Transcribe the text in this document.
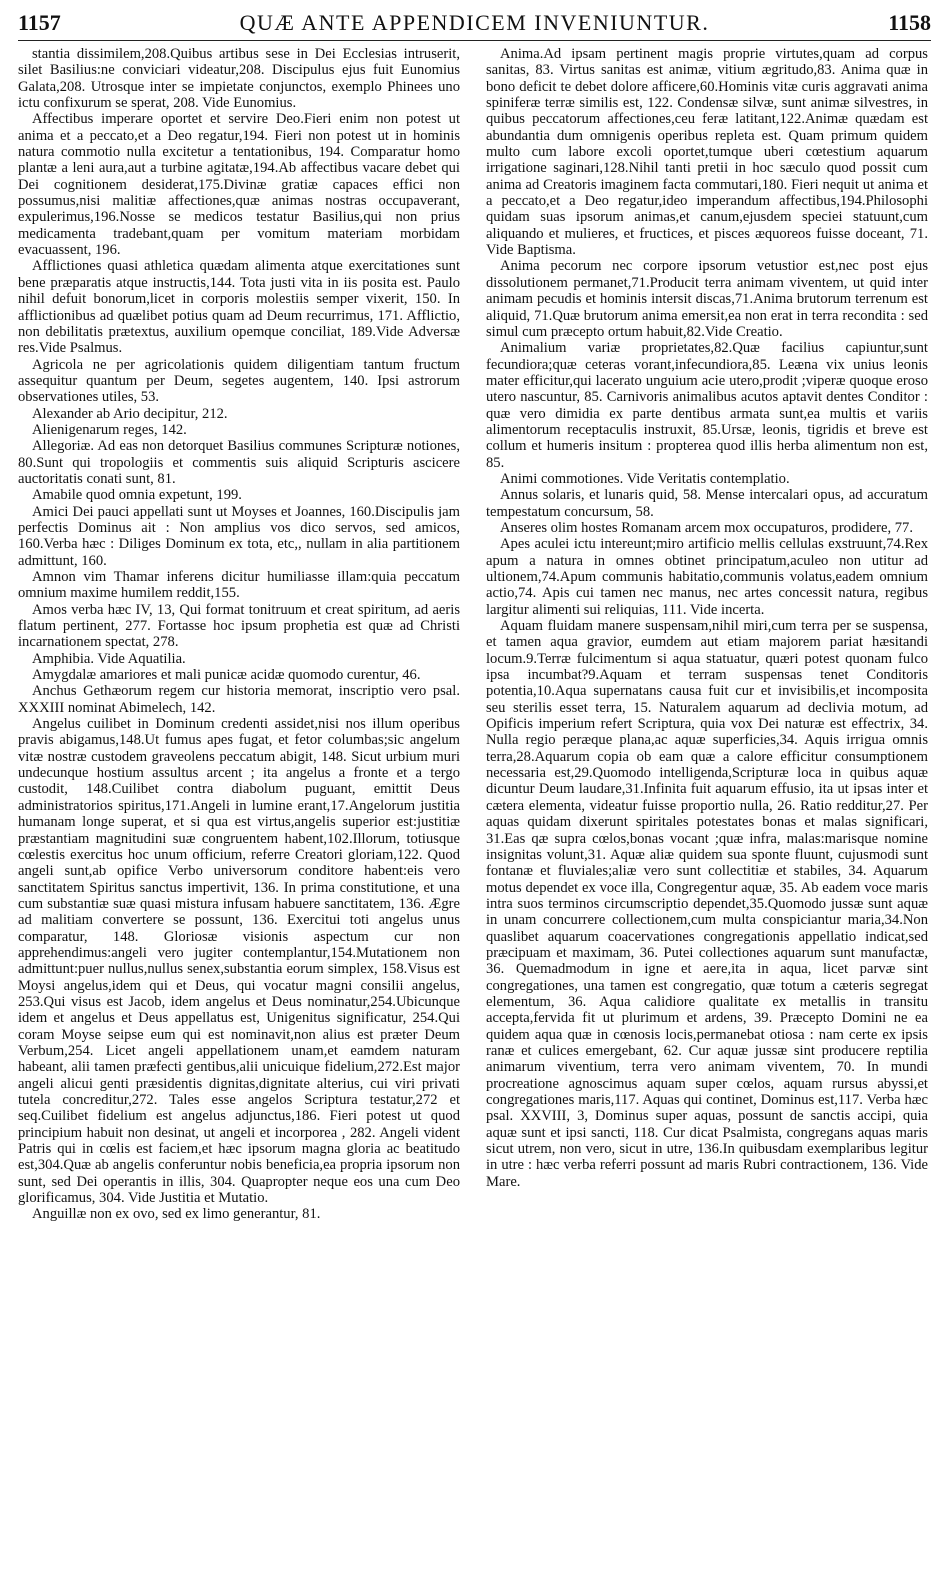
1157	QUÆ ANTE APPENDICEM INVENIUNTUR.	1158

stantia dissimilem,208.Quibus artibus sese in Dei Ecclesias intruserit, silet Basilius:ne conviciari videatur,208. Discipulus ejus fuit Eunomius Galata,208. Utrosque inter se impietate conjunctos, exemplo Phinees uno ictu confixurum se sperat, 208. Vide Eunomius.

Affectibus imperare oportet et servire Deo.Fieri enim non potest ut anima et a peccato,et a Deo regatur,194. Fieri non potest ut in hominis natura commotio nulla excitetur a tentationibus, 194. Comparatur homo plantæ a leni aura,aut a turbine agitatæ,194.Ab affectibus vacare debet qui Dei cognitionem desiderat,175.Divinæ gratiæ capaces effici non possumus,nisi malitiæ affectiones,quæ animas nostras occupaverant, expulerimus,196.Nosse se medicos testatur Basilius,qui non prius medicamenta tradebant,quam per vomitum materiam morbidam evacuassent, 196.

Afflictiones quasi athletica quædam alimenta atque exercitationes sunt bene præparatis atque instructis,144. Tota justi vita in iis posita est. Paulo nihil defuit bonorum,licet in corporis molestiis semper vixerit, 150. In afflictionibus ad quælibet potius quam ad Deum recurrimus, 171. Afflictio, non debilitatis prætextus, auxilium opemque conciliat, 189.Vide Adversæ res.Vide Psalmus.

Agricola ne per agricolationis quidem diligentiam tantum fructum assequitur quantum per Deum, segetes augentem, 140. Ipsi astrorum observationes utiles, 53.

Alexander ab Ario decipitur, 212.

Alienigenarum reges, 142.

Allegoriæ. Ad eas non detorquet Basilius communes Scripturæ notiones, 80.Sunt qui tropologiis et commentis suis aliquid Scripturis ascicere auctoritatis conati sunt, 81.

Amabile quod omnia expetunt, 199.

Amici Dei pauci appellati sunt ut Moyses et Joannes, 160.Discipulis jam perfectis Dominus ait : Non amplius vos dico servos, sed amicos, 160.Verba hæc : Diliges Dominum ex tota, etc,, nullam in alia partitionem admittunt, 160.

Amnon vim Thamar inferens dicitur humiliasse illam:quia peccatum omnium maxime humilem reddit,155.

Amos verba hæc IV, 13, Qui format tonitruum et creat spiritum, ad aeris flatum pertinent, 277. Fortasse hoc ipsum prophetia est quæ ad Christi incarnationem spectat, 278.

Amphibia. Vide Aquatilia.

Amygdalæ amariores et mali punicæ acidæ quomodo curentur, 46.

Anchus Gethæorum regem cur historia memorat, inscriptio vero psal. XXXIII nominat Abimelech, 142.

Angelus cuilibet in Dominum credenti assidet,nisi nos illum operibus pravis abigamus,148.Ut fumus apes fugat, et fetor columbas;sic angelum vitæ nostræ custodem graveolens peccatum abigit, 148. Sicut urbium muri undecunque hostium assultus arcent ; ita angelus a fronte et a tergo custodit, 148.Cuilibet contra diabolum puguant, emittit Deus administratorios spiritus,171.Angeli in lumine erant,17.Angelorum justitia humanam longe superat, et si qua est virtus,angelis superior est:justitiæ præstantiam magnitudini suæ congruentem habent,102.Illorum, totiusque cœlestis exercitus hoc unum officium, referre Creatori gloriam,122. Quod angeli sunt,ab opifice Verbo universorum conditore habent:eis vero sanctitatem Spiritus sanctus impertivit, 136. In prima constitutione, et una cum substantiæ suæ quasi mistura infusam habuere sanctitatem, 136. Ægre ad malitiam convertere se possunt, 136. Exercitui toti angelus unus comparatur, 148. Gloriosæ visionis aspectum cur non apprehendimus:angeli vero jugiter contemplantur,154.Mutationem non admittunt:puer nullus,nullus senex,substantia eorum simplex, 158.Visus est Moysi angelus,idem qui et Deus, qui vocatur magni consilii angelus, 253.Qui visus est Jacob, idem angelus et Deus nominatur,254.Ubicunque idem et angelus et Deus appellatus est, Unigenitus significatur, 254.Qui coram Moyse seipse eum qui est nominavit,non alius est præter Deum Verbum,254. Licet angeli appellationem unam,et eamdem naturam habeant, alii tamen præfecti gentibus,alii unicuique fidelium,272.Est major angeli alicui genti præsidentis dignitas,dignitate alterius, cui viri privati tutela concreditur,272. Tales esse angelos Scriptura testatur,272 et seq.Cuilibet fidelium est angelus adjunctus,186. Fieri potest ut quod principium habuit non desinat, ut angeli et incorporea , 282. Angeli vident Patris qui in cœlis est faciem,et hæc ipsorum magna gloria ac beatitudo est,304.Quæ ab angelis conferuntur nobis beneficia,ea propria ipsorum non sunt, sed Dei operantis in illis, 304. Quapropter neque eos una cum Deo glorificamus, 304. Vide Justitia et Mutatio.

Anguillæ non ex ovo, sed ex limo generantur, 81.

Anima.Ad ipsam pertinent magis proprie virtutes,quam ad corpus sanitas, 83. Virtus sanitas est animæ, vitium ægritudo,83. Anima quæ in bono deficit te debet dolore afficere,60.Hominis vitæ curis aggravati anima spiniferæ terræ similis est, 122. Condensæ silvæ, sunt animæ silvestres, in quibus peccatorum affectiones,ceu feræ latitant,122.Animæ quædam est abundantia dum omnigenis operibus repleta est. Quam primum quidem multo cum labore excoli oportet,tumque uberi cœtestium aquarum irrigatione saginari,128.Nihil tanti pretii in hoc sæculo quod possit cum anima ad Creatoris imaginem facta commutari,180. Fieri nequit ut anima et a peccato,et a Deo regatur,ideo imperandum affectibus,194.Philosophi quidam suas ipsorum animas,et canum,ejusdem speciei statuunt,cum aliquando et mulieres, et fructices, et pisces æquoreos fuisse doceant, 71. Vide Baptisma.

Anima pecorum nec corpore ipsorum vetustior est,nec post ejus dissolutionem permanet,71.Producit terra animam viventem, ut quid inter animam pecudis et hominis intersit discas,71.Anima brutorum terrenum est aliquid, 71.Quæ brutorum anima emersit,ea non erat in terra recondita : sed simul cum præcepto ortum habuit,82.Vide Creatio.

Animalium variæ proprietates,82.Quæ facilius capiuntur,sunt fecundiora;quæ ceteras vorant,infecundiora,85. Leæna vix unius leonis mater efficitur,qui lacerato unguium acie utero,prodit ;viperæ quoque eroso utero nascuntur, 85. Carnivoris animalibus acutos aptavit dentes Conditor : quæ vero dimidia ex parte dentibus armata sunt,ea multis et variis alimentorum receptaculis instruxit, 85.Ursæ, leonis, tigridis et breve est collum et humeris insitum : propterea quod illis herba alimentum non est, 85.

Animi commotiones. Vide Veritatis contemplatio.

Annus solaris, et lunaris quid, 58. Mense intercalari opus, ad accuratum tempestatum concursum, 58.

Anseres olim hostes Romanam arcem mox occupaturos, prodidere, 77.

Apes aculei ictu intereunt;miro artificio mellis cellulas exstruunt,74.Rex apum a natura in omnes obtinet principatum,aculeo non utitur ad ultionem,74.Apum communis habitatio,communis volatus,eadem omnium actio,74. Apis cui tamen nec manus, nec artes concessit natura, regibus largitur alimenti sui reliquias, 111. Vide incerta.

Aquam fluidam manere suspensam,nihil miri,cum terra per se suspensa, et tamen aqua gravior, eumdem aut etiam majorem pariat hæsitandi locum.9.Terræ fulcimentum si aqua statuatur, quæri potest quonam fulco ipsa incumbat?9.Aquam et terram suspensas tenet Conditoris potentia,10.Aqua supernatans causa fuit cur et invisibilis,et incomposita seu sterilis esset terra, 15. Naturalem aquarum ad declivia motum, ad Opificis imperium refert Scriptura, quia vox Dei naturæ est effectrix, 34. Nulla regio peræque plana,ac aquæ superficies,34. Aquis irrigua omnis terra,28.Aquarum copia ob eam quæ a calore efficitur consumptionem necessaria est,29.Quomodo intelligenda,Scripturæ loca in quibus aquæ dicuntur Deum laudare,31.Infinita fuit aquarum effusio, ita ut ipsas inter et cætera elementa, videatur fuisse proportio nulla, 26. Ratio redditur,27. Per aquas quidam dixerunt spiritales potestates bonas et malas significari, 31.Eas qæ supra cœlos,bonas vocant ;quæ infra, malas:marisque nomine insignitas volunt,31. Aquæ aliæ quidem sua sponte fluunt, cujusmodi sunt fontanæ et fluviales;aliæ vero sunt collectitiæ et stabiles, 34. Aquarum motus dependet ex voce illa, Congregentur aquæ, 35. Ab eadem voce maris intra suos terminos circumscriptio dependet,35.Quomodo jussæ sunt aquæ in unam concurrere collectionem,cum multa conspiciantur maria,34.Non quaslibet aquarum coacervationes congregationis appellatio indicat,sed præcipuam et maximam, 36. Putei collectiones aquarum sunt manufactæ, 36. Quemadmodum in igne et aere,ita in aqua, licet parvæ sint congregationes, una tamen est congregatio, quæ totum a cæteris segregat elementum, 36. Aqua calidiore qualitate ex metallis in transitu accepta,fervida fit ut plurimum et ardens, 39. Præcepto Domini ne ea quidem aqua quæ in cœnosis locis,permanebat otiosa : nam certe ex ipsis ranæ et culices emergebant, 62. Cur aquæ jussæ sint producere reptilia animarum viventium, terra vero animam viventem, 70. In mundi procreatione agnoscimus aquam super cœlos, aquam rursus abyssi,et congregationes maris,117. Aquas qui continet, Dominus est,117. Verba hæc psal. XXVIII, 3, Dominus super aquas, possunt de sanctis accipi, quia aquæ sunt et ipsi sancti, 118. Cur dicat Psalmista, congregans aquas maris sicut utrem, non vero, sicut in utre, 136.In quibusdam exemplaribus legitur in utre : hæc verba referri possunt ad maris Rubri contractionem, 136. Vide Mare.
